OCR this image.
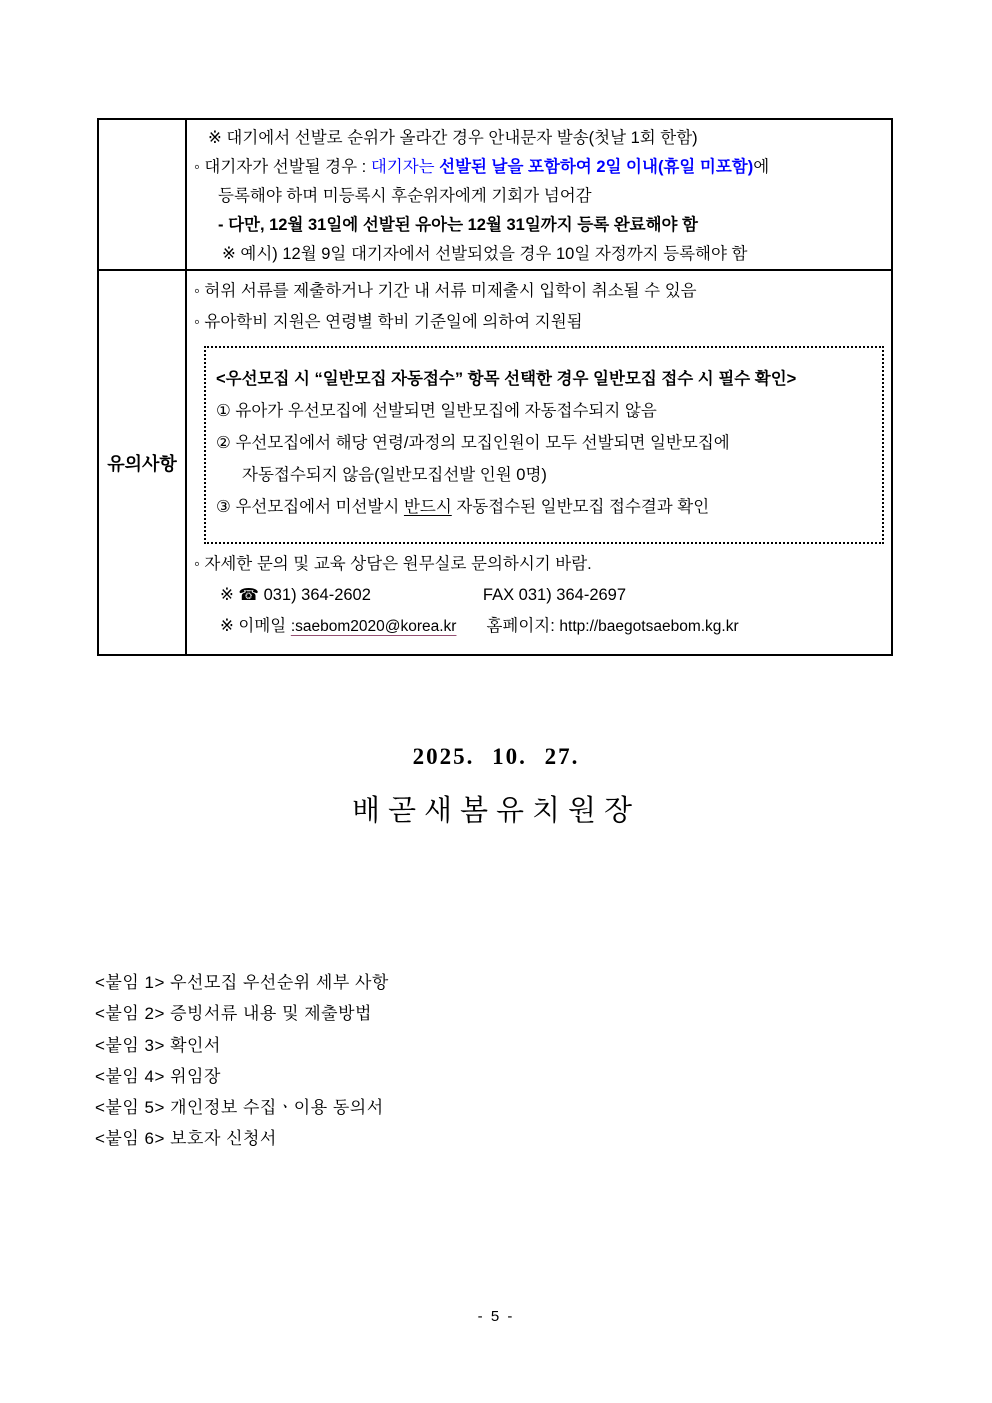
※ 대기에서 선발로 순위가 올라간 경우 안내문자 발송(첫날 1회 한함)
◦ 대기자가 선발될 경우 : 대기자는 선발된 날을 포함하여 2일 이내(휴일 미포함)에
등록해야 하며 미등록시 후순위자에게 기회가 넘어감
- 다만, 12월 31일에 선발된 유아는 12월 31일까지 등록 완료해야 함
※ 예시) 12월 9일 대기자에서 선발되었을 경우 10일 자정까지 등록해야 함
유의사항
◦ 허위 서류를 제출하거나 기간 내 서류 미제출시 입학이 취소될 수 있음
◦ 유아학비 지원은 연령별 학비 기준일에 의하여 지원됨
<우선모집 시 “일반모집 자동접수” 항목 선택한 경우 일반모집 접수 시 필수 확인>
① 유아가 우선모집에 선발되면 일반모집에 자동접수되지 않음
② 우선모집에서 해당 연령/과정의 모집인원이 모두 선발되면 일반모집에
자동접수되지 않음(일반모집선발 인원 0명)
③ 우선모집에서 미선발시 반드시 자동접수된 일반모집 접수결과 확인
◦ 자세한 문의 및 교육 상담은 원무실로 문의하시기 바람.
※ ☎ 031) 364-2602	FAX 031) 364-2697
※ 이메일 :saebom2020@korea.kr 홈페이지: http://baegotsaebom.kg.kr
2025. 10. 27.
배곧새봄유치원장
<붙임 1> 우선모집 우선순위 세부 사항
<붙임 2> 증빙서류 내용 및 제출방법
<붙임 3> 확인서
<붙임 4> 위임장
<붙임 5> 개인정보 수집ㆍ이용 동의서
<붙임 6> 보호자 신청서
- 5 -
